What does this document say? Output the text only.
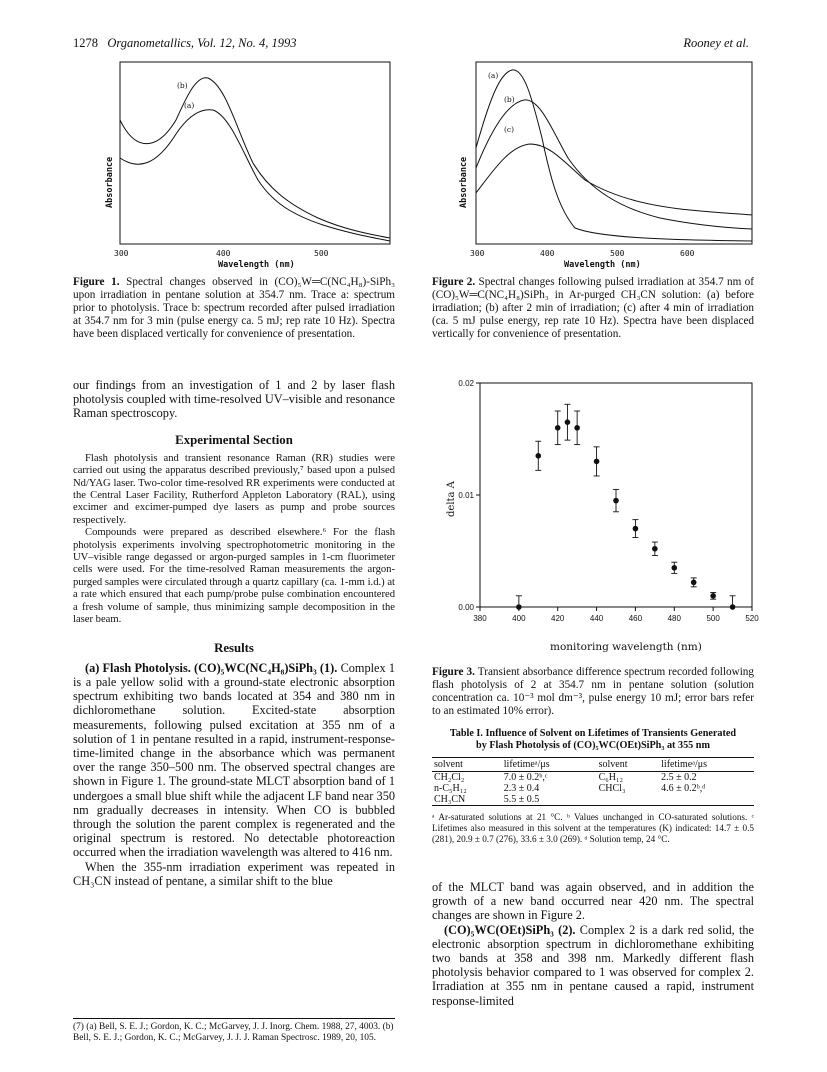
1278 Organometallics, Vol. 12, No. 4, 1993	Rooney et al.
Absorbance
(b)
(a)
300	400	500
Wavelength (nm)
Figure 1. Spectral changes observed in (CO)₅W═C(NC₄H₈)-SiPh₃ upon irradiation in pentane solution at 354.7 nm. Trace a: spectrum prior to photolysis. Trace b: spectrum recorded after pulsed irradiation at 354.7 nm for 3 min (pulse energy ca. 5 mJ; rep rate 10 Hz). Spectra have been displaced vertically for convenience of presentation.
Absorbance
(a)
(b)
(c)
300	400	500	600
Wavelength (nm)
Figure 2. Spectral changes following pulsed irradiation at 354.7 nm of (CO)₅W═C(NC₄H₈)SiPh₃ in Ar-purged CH₃CN solution: (a) before irradiation; (b) after 2 min of irradiation; (c) after 4 min of irradiation (ca. 5 mJ pulse energy, rep rate 10 Hz). Spectra have been displaced vertically for convenience of presentation.
delta A
monitoring wavelength (nm)
380	400	420	440	460	480	500	520
0.00
0.01
0.02
Figure 3. Transient absorbance difference spectrum recorded following flash photolysis of 2 at 354.7 nm in pentane solution (solution concentration ca. 10⁻³ mol dm⁻³, pulse energy 10 mJ; error bars refer to an estimated 10% error).
Table I. Influence of Solvent on Lifetimes of Transients Generated by Flash Photolysis of (CO)₅WC(OEt)SiPh₃ at 355 nm
solvent	lifetimeᵃ/μs	solvent	lifetimeᵃ/μs
CH₂Cl₂	7.0 ± 0.2ᵇ,ᶜ	C₆H₁₂	2.5 ± 0.2
n-C₅H₁₂	2.3 ± 0.4	CHCl₃	4.6 ± 0.2ᵇ,ᵈ
CH₃CN	5.5 ± 0.5		
ᵃ Ar-saturated solutions at 21 °C. ᵇ Values unchanged in CO-saturated solutions. ᶜ Lifetimes also measured in this solvent at the temperatures (K) indicated: 14.7 ± 0.5 (281), 20.9 ± 0.7 (276), 33.6 ± 3.0 (269). ᵈ Solution temp, 24 °C.

our findings from an investigation of 1 and 2 by laser flash photolysis coupled with time-resolved UV–visible and resonance Raman spectroscopy.

Experimental Section

Flash photolysis and transient resonance Raman (RR) studies were carried out using the apparatus described previously,⁷ based upon a pulsed Nd/YAG laser. Two-color time-resolved RR experiments were conducted at the Central Laser Facility, Rutherford Appleton Laboratory (RAL), using excimer and excimer-pumped dye lasers as pump and probe sources respectively.

Compounds were prepared as described elsewhere.⁶ For the flash photolysis experiments involving spectrophotometric monitoring in the UV–visible range degassed or argon-purged samples in 1-cm fluorimeter cells were used. For the time-resolved Raman measurements the argon-purged samples were circulated through a quartz capillary (ca. 1-mm i.d.) at a rate which ensured that each pump/probe pulse combination encountered a fresh volume of sample, thus minimizing sample decomposition in the laser beam.

Results

(a) Flash Photolysis. (CO)₅WC(NC₄H₈)SiPh₃ (1). Complex 1 is a pale yellow solid with a ground-state electronic absorption spectrum exhibiting two bands located at 354 and 380 nm in dichloromethane solution. Excited-state absorption measurements, following pulsed excitation at 355 nm of a solution of 1 in pentane resulted in a rapid, instrument-response-time-limited change in the absorbance which was permanent over the range 350–500 nm. The observed spectral changes are shown in Figure 1. The ground-state MLCT absorption band of 1 undergoes a small blue shift while the adjacent LF band near 350 nm gradually decreases in intensity. When CO is bubbled through the solution the parent complex is regenerated and the original spectrum is restored. No detectable photoreaction occurred when the irradiation wavelength was altered to 416 nm.

When the 355-nm irradiation experiment was repeated in CH₃CN instead of pentane, a similar shift to the blue

(7) (a) Bell, S. E. J.; Gordon, K. C.; McGarvey, J. J. Inorg. Chem. 1988, 27, 4003. (b) Bell, S. E. J.; Gordon, K. C.; McGarvey, J. J. J. Raman Spectrosc. 1989, 20, 105.

of the MLCT band was again observed, and in addition the growth of a new band occurred near 420 nm. The spectral changes are shown in Figure 2.

(CO)₅WC(OEt)SiPh₃ (2). Complex 2 is a dark red solid, the electronic absorption spectrum in dichloromethane exhibiting two bands at 358 and 398 nm. Markedly different flash photolysis behavior compared to 1 was observed for complex 2. Irradiation at 355 nm in pentane caused a rapid, instrument response-limited
